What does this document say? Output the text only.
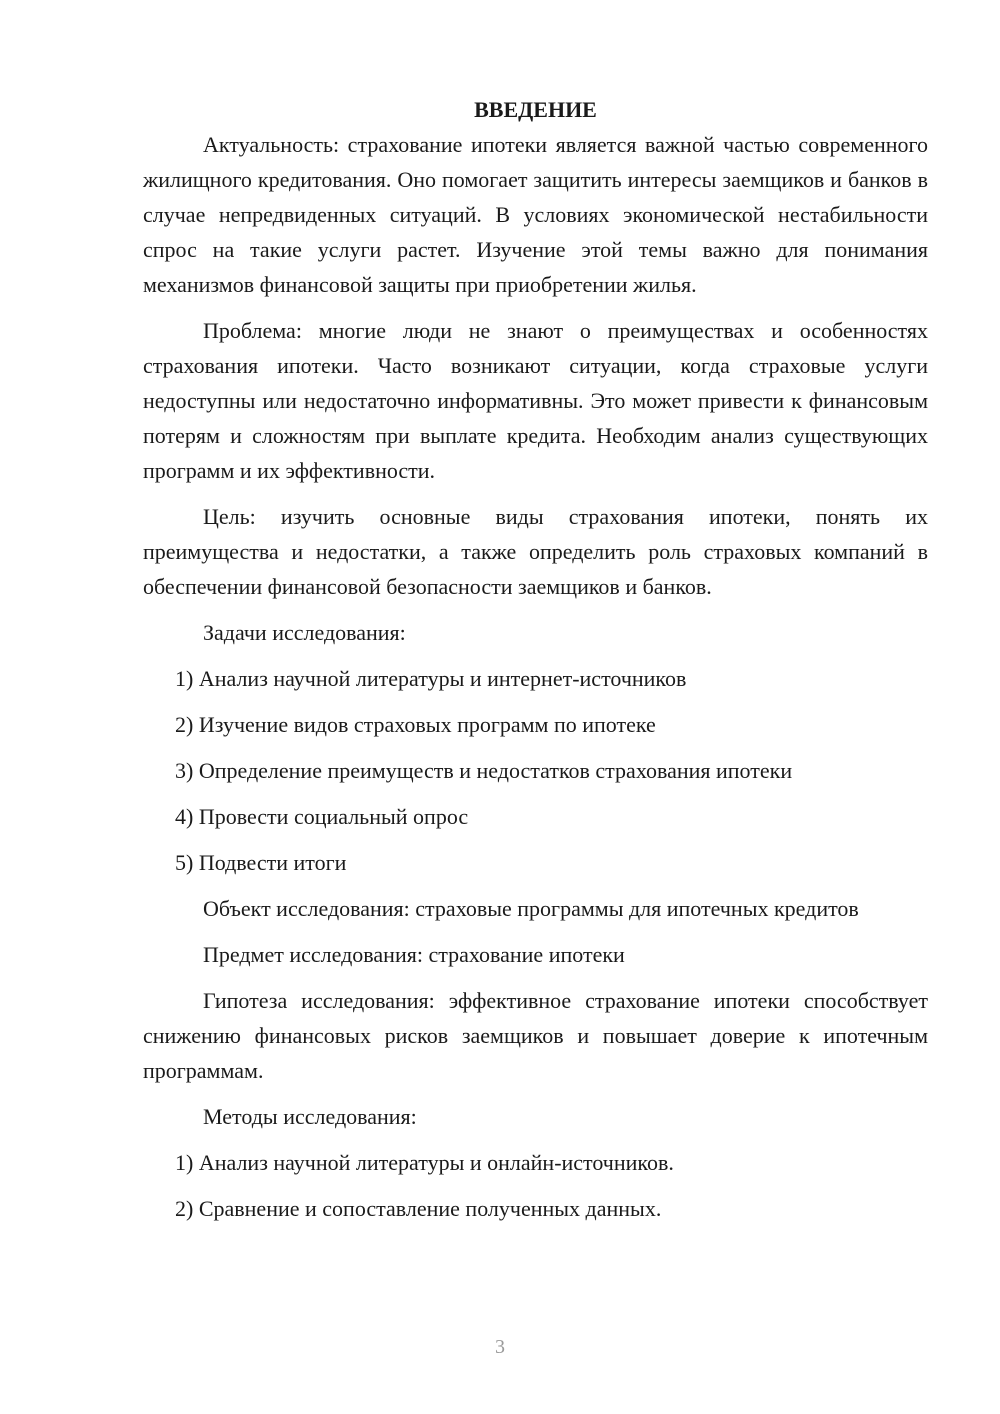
ВВЕДЕНИЕ

Актуальность: страхование ипотеки является важной частью современного жилищного кредитования. Оно помогает защитить интересы заемщиков и банков в случае непредвиденных ситуаций. В условиях экономической нестабильности спрос на такие услуги растет. Изучение этой темы важно для понимания механизмов финансовой защиты при приобретении жилья.

Проблема: многие люди не знают о преимуществах и особенностях страхования ипотеки. Часто возникают ситуации, когда страховые услуги недоступны или недостаточно информативны. Это может привести к финансовым потерям и сложностям при выплате кредита. Необходим анализ существующих программ и их эффективности.

Цель: изучить основные виды страхования ипотеки, понять их преимущества и недостатки, а также определить роль страховых компаний в обеспечении финансовой безопасности заемщиков и банков.

Задачи исследования:

1) Анализ научной литературы и интернет-источников

2) Изучение видов страховых программ по ипотеке

3) Определение преимуществ и недостатков страхования ипотеки

4) Провести социальный опрос

5) Подвести итоги

Объект исследования: страховые программы для ипотечных кредитов

Предмет исследования: страхование ипотеки

Гипотеза исследования: эффективное страхование ипотеки способствует снижению финансовых рисков заемщиков и повышает доверие к ипотечным программам.

Методы исследования:

1) Анализ научной литературы и онлайн-источников.

2) Сравнение и сопоставление полученных данных.

3
